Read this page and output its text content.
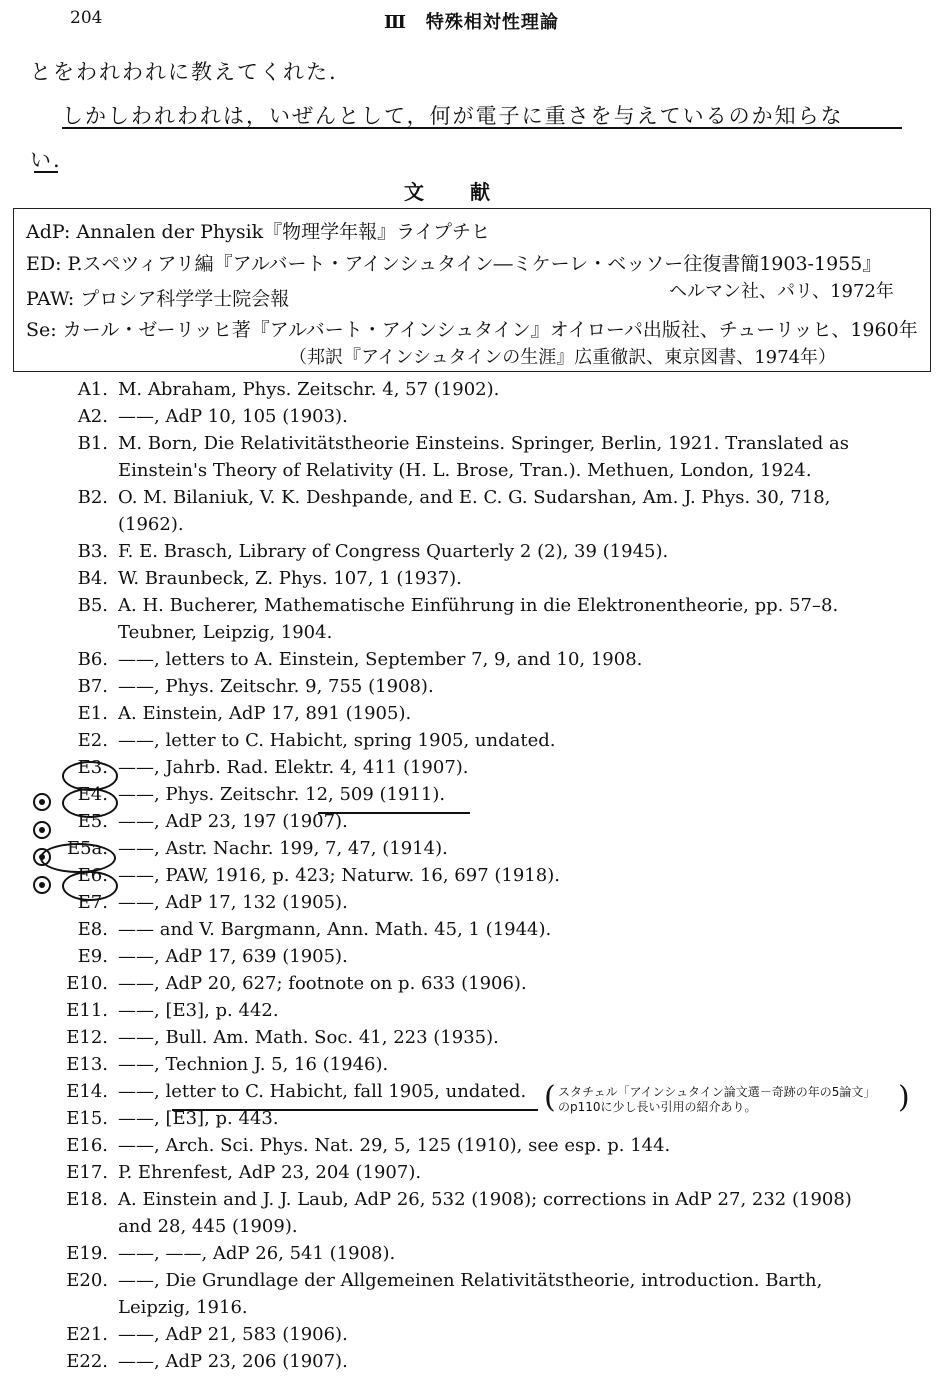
204	Ⅲ　特殊相対性理論
とをわれわれに教えてくれた.
しかしわれわれは，いぜんとして，何が電子に重さを与えているのか知らな
い.
文献
AdP: Annalen der Physik『物理学年報』ライプチヒ
ED: P.スペツィアリ編『アルバート・アインシュタイン―ミケーレ・ベッソー往復書簡1903-1955』
ヘルマン社、パリ、1972年
PAW: プロシア科学学士院会報
Se: カール・ゼーリッヒ著『アルバート・アインシュタイン』オイローパ出版社、チューリッヒ、1960年
（邦訳『アインシュタインの生涯』広重徹訳、東京図書、1974年）
A1. M. Abraham, Phys. Zeitschr. 4, 57 (1902).
A2. ——, AdP 10, 105 (1903).
B1. M. Born, Die Relativitätstheorie Einsteins. Springer, Berlin, 1921. Translated as
Einstein's Theory of Relativity (H. L. Brose, Tran.). Methuen, London, 1924.
B2. O. M. Bilaniuk, V. K. Deshpande, and E. C. G. Sudarshan, Am. J. Phys. 30, 718,
(1962).
B3. F. E. Brasch, Library of Congress Quarterly 2 (2), 39 (1945).
B4. W. Braunbeck, Z. Phys. 107, 1 (1937).
B5. A. H. Bucherer, Mathematische Einführung in die Elektronentheorie, pp. 57–8.
Teubner, Leipzig, 1904.
B6. ——, letters to A. Einstein, September 7, 9, and 10, 1908.
B7. ——, Phys. Zeitschr. 9, 755 (1908).
E1. A. Einstein, AdP 17, 891 (1905).
E2. ——, letter to C. Habicht, spring 1905, undated.
E3. ——, Jahrb. Rad. Elektr. 4, 411 (1907).
E4. ——, Phys. Zeitschr. 12, 509 (1911).
E5. ——, AdP 23, 197 (1907).
E5a. ——, Astr. Nachr. 199, 7, 47, (1914).
E6. ——, PAW, 1916, p. 423; Naturw. 16, 697 (1918).
E7. ——, AdP 17, 132 (1905).
E8. —— and V. Bargmann, Ann. Math. 45, 1 (1944).
E9. ——, AdP 17, 639 (1905).
E10. ——, AdP 20, 627; footnote on p. 633 (1906).
E11. ——, [E3], p. 442.
E12. ——, Bull. Am. Math. Soc. 41, 223 (1935).
E13. ——, Technion J. 5, 16 (1946).
E14. ——, letter to C. Habicht, fall 1905, undated.
E15. ——, [E3], p. 443.
E16. ——, Arch. Sci. Phys. Nat. 29, 5, 125 (1910), see esp. p. 144.
E17. P. Ehrenfest, AdP 23, 204 (1907).
E18. A. Einstein and J. J. Laub, AdP 26, 532 (1908); corrections in AdP 27, 232 (1908)
and 28, 445 (1909).
E19. ——, ——, AdP 26, 541 (1908).
E20. ——, Die Grundlage der Allgemeinen Relativitätstheorie, introduction. Barth,
Leipzig, 1916.
E21. ——, AdP 21, 583 (1906).
E22. ——, AdP 23, 206 (1907).
( スタチェル「アインシュタイン論文選－奇跡の年の5論文」
のp110に少し長い引用の紹介あり。	)
